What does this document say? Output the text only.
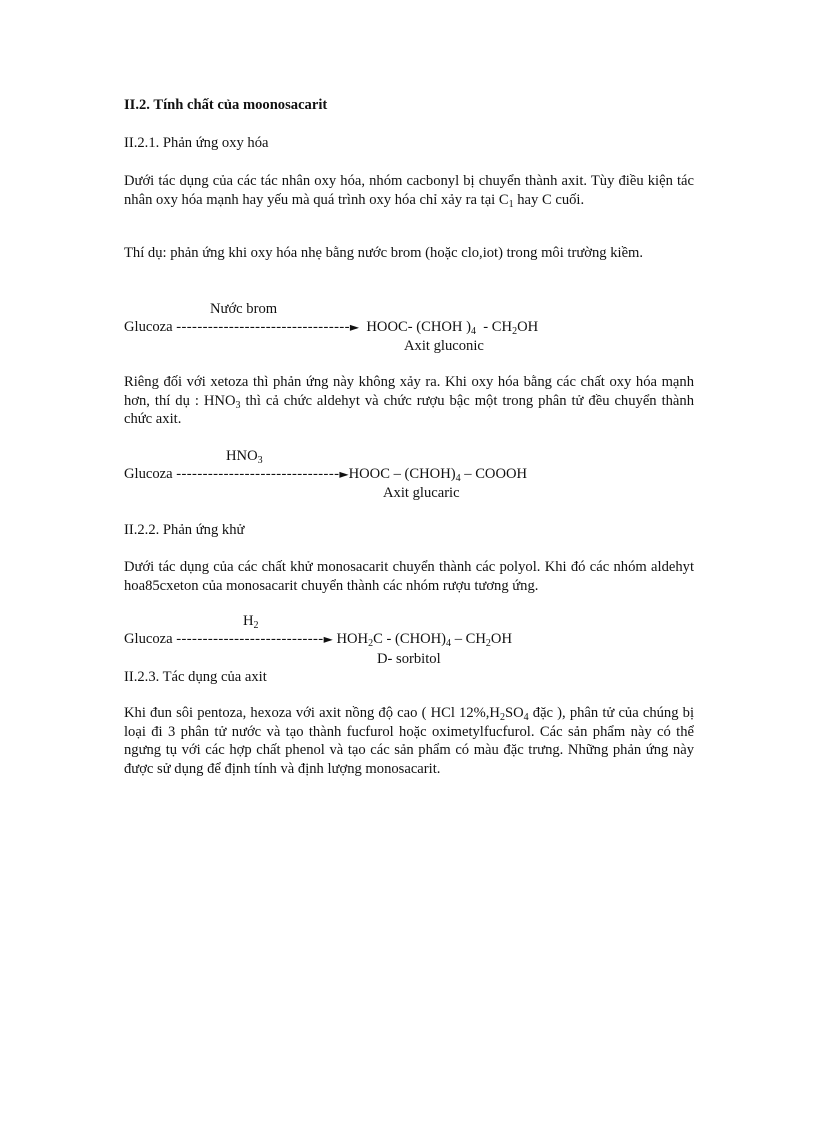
II.2. Tính chất của moonosacarit
II.2.1. Phản ứng oxy hóa
Dưới tác dụng của các tác nhân oxy hóa, nhóm cacbonyl bị chuyển thành axit. Tùy điều kiện tác nhân oxy hóa mạnh hay yếu mà quá trình oxy hóa chỉ xảy ra tại $C_1$ hay C cuối.
Thí dụ: phản ứng khi oxy hóa nhẹ bằng nước brom (hoặc clo,iot) trong môi trường kiềm.
Nước brom
Glucoza ---------------------------------► HOOC- (CHOH )$_4 - CH_2OH$
Axit gluconic
Riêng đối với xetoza thì phản ứng này không xảy ra. Khi oxy hóa bằng các chất oxy hóa mạnh hơn, thí dụ : $HNO_3$ thì cả chức aldehyt và chức rượu bậc một trong phân tử đều chuyển thành chức axit.
$HNO_3$
Glucoza -------------------------------►HOOC – $(CHOH)_4$ – COOOH
Axit glucaric
II.2.2. Phản ứng khử
Dưới tác dụng của các chất khử monosacarit chuyển thành các polyol. Khi đó các nhóm aldehyt hoa85cxeton của monosacarit chuyển thành các nhóm rượu tương ứng.
$H_2$
Glucoza ----------------------------► $HOH_2C$ - $(CHOH)_4 - CH_2OH$
D- sorbitol
II.2.3. Tác dụng của axit
Khi đun sôi pentoza, hexoza với axit nồng độ cao ( HCl $12\%,H_2SO_4$ đặc ), phân tử của chúng bị loại đi 3 phân tử nước và tạo thành fucfurol hoặc oximetylfucfurol. Các sản phẩm này có thể ngưng tụ với các hợp chất phenol và tạo các sản phẩm có màu đặc trưng. Những phản ứng này được sử dụng để định tính và định lượng monosacarit.
